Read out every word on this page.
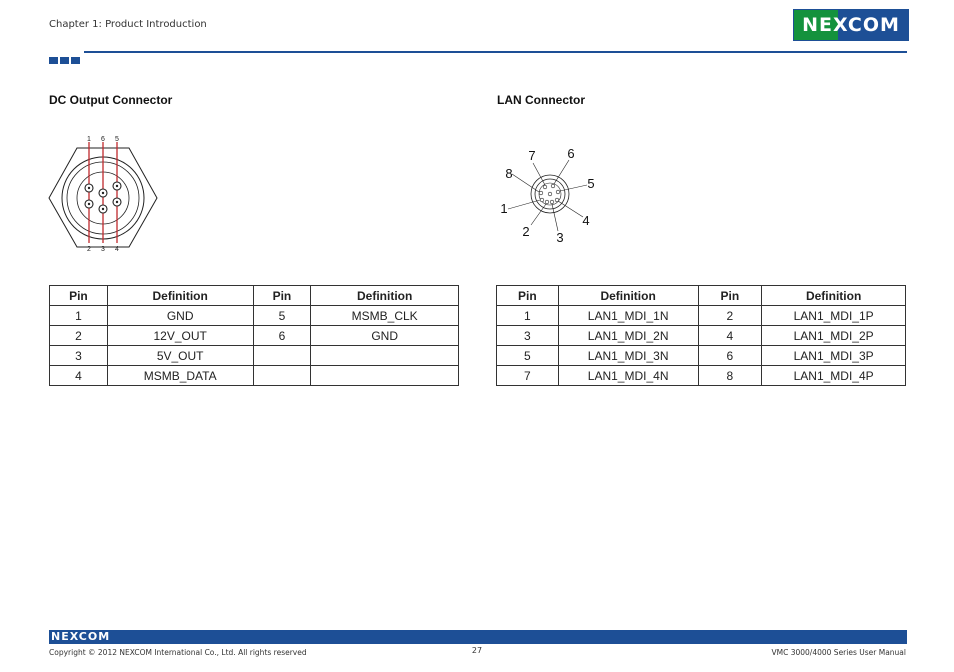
Chapter 1: Product Introduction	NEXCOM
DC Output Connector	LAN Connector
1 6 5
2 3 4
7 6
8
5
1
4
2 3
Pin	Definition	Pin	Definition
1	GND	5	MSMB_CLK
2	12V_OUT	6	GND
3	5V_OUT		
4	MSMB_DATA		
Pin	Definition	Pin	Definition
1	LAN1_MDI_1N	2	LAN1_MDI_1P
3	LAN1_MDI_2N	4	LAN1_MDI_2P
5	LAN1_MDI_3N	6	LAN1_MDI_3P
7	LAN1_MDI_4N	8	LAN1_MDI_4P
NEXCOM
Copyright © 2012 NEXCOM International Co., Ltd. All rights reserved	27	VMC 3000/4000 Series User Manual
